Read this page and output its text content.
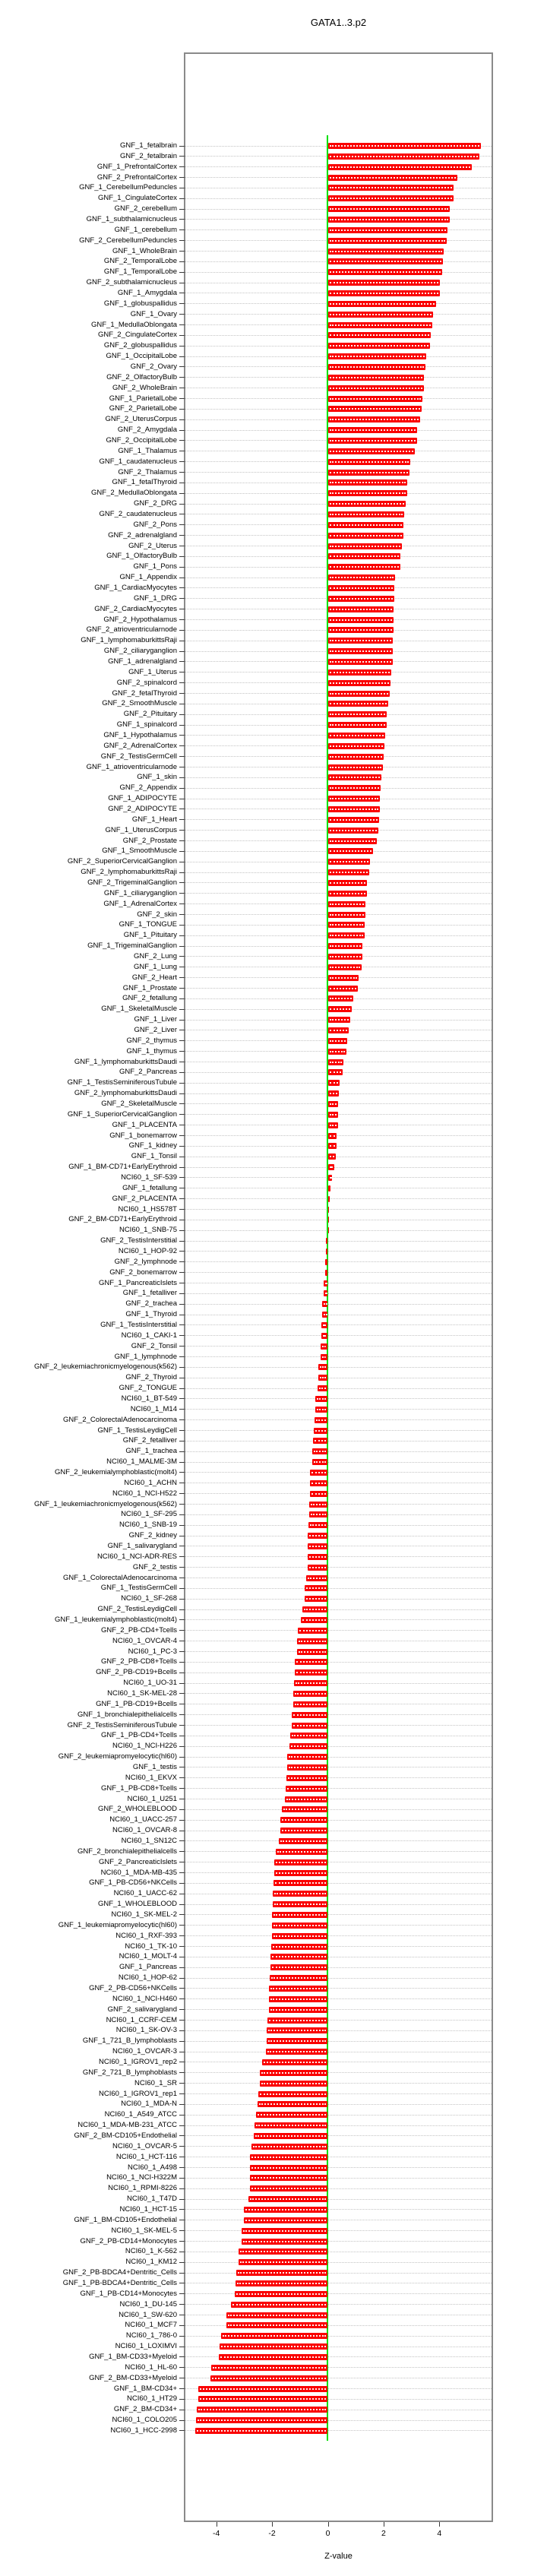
GATA1..3.p2
GNF_1_fetalbrain
GNF_2_fetalbrain
GNF_1_PrefrontalCortex
GNF_2_PrefrontalCortex
GNF_1_CerebellumPeduncles
GNF_1_CingulateCortex
GNF_2_cerebellum
GNF_1_subthalamicnucleus
GNF_1_cerebellum
GNF_2_CerebellumPeduncles
GNF_1_WholeBrain
GNF_2_TemporalLobe
GNF_1_TemporalLobe
GNF_2_subthalamicnucleus
GNF_1_Amygdala
GNF_1_globuspallidus
GNF_1_Ovary
GNF_1_MedullaOblongata
GNF_2_CingulateCortex
GNF_2_globuspallidus
GNF_1_OccipitalLobe
GNF_2_Ovary
GNF_2_OlfactoryBulb
GNF_2_WholeBrain
GNF_1_ParietalLobe
GNF_2_ParietalLobe
GNF_2_UterusCorpus
GNF_2_Amygdala
GNF_2_OccipitalLobe
GNF_1_Thalamus
GNF_1_caudatenucleus
GNF_2_Thalamus
GNF_1_fetalThyroid
GNF_2_MedullaOblongata
GNF_2_DRG
GNF_2_caudatenucleus
GNF_2_Pons
GNF_2_adrenalgland
GNF_2_Uterus
GNF_1_OlfactoryBulb
GNF_1_Pons
GNF_1_Appendix
GNF_1_CardiacMyocytes
GNF_1_DRG
GNF_2_CardiacMyocytes
GNF_2_Hypothalamus
GNF_2_atrioventricularnode
GNF_1_lymphomaburkittsRaji
GNF_2_ciliaryganglion
GNF_1_adrenalgland
GNF_1_Uterus
GNF_2_spinalcord
GNF_2_fetalThyroid
GNF_2_SmoothMuscle
GNF_2_Pituitary
GNF_1_spinalcord
GNF_1_Hypothalamus
GNF_2_AdrenalCortex
GNF_2_TestisGermCell
GNF_1_atrioventricularnode
GNF_1_skin
GNF_2_Appendix
GNF_1_ADIPOCYTE
GNF_2_ADIPOCYTE
GNF_1_Heart
GNF_1_UterusCorpus
GNF_2_Prostate
GNF_1_SmoothMuscle
GNF_2_SuperiorCervicalGanglion
GNF_2_lymphomaburkittsRaji
GNF_2_TrigeminalGanglion
GNF_1_ciliaryganglion
GNF_1_AdrenalCortex
GNF_2_skin
GNF_1_TONGUE
GNF_1_Pituitary
GNF_1_TrigeminalGanglion
GNF_2_Lung
GNF_1_Lung
GNF_2_Heart
GNF_1_Prostate
GNF_2_fetallung
GNF_1_SkeletalMuscle
GNF_1_Liver
GNF_2_Liver
GNF_2_thymus
GNF_1_thymus
GNF_1_lymphomaburkittsDaudi
GNF_2_Pancreas
GNF_1_TestisSeminiferousTubule
GNF_2_lymphomaburkittsDaudi
GNF_2_SkeletalMuscle
GNF_1_SuperiorCervicalGanglion
GNF_1_PLACENTA
GNF_1_bonemarrow
GNF_1_kidney
GNF_1_Tonsil
GNF_1_BM-CD71+EarlyErythroid
NCI60_1_SF-539
GNF_1_fetallung
GNF_2_PLACENTA
NCI60_1_HS578T
GNF_2_BM-CD71+EarlyErythroid
NCI60_1_SNB-75
GNF_2_TestisInterstitial
NCI60_1_HOP-92
GNF_2_lymphnode
GNF_2_bonemarrow
GNF_1_PancreaticIslets
GNF_1_fetalliver
GNF_2_trachea
GNF_1_Thyroid
GNF_1_TestisInterstitial
NCI60_1_CAKI-1
GNF_2_Tonsil
GNF_1_lymphnode
GNF_2_leukemiachronicmyelogenous(k562)
GNF_2_Thyroid
GNF_2_TONGUE
NCI60_1_BT-549
NCI60_1_M14
GNF_2_ColorectalAdenocarcinoma
GNF_1_TestisLeydigCell
GNF_2_fetalliver
GNF_1_trachea
NCI60_1_MALME-3M
GNF_2_leukemialymphoblastic(molt4)
NCI60_1_ACHN
NCI60_1_NCI-H522
GNF_1_leukemiachronicmyelogenous(k562)
NCI60_1_SF-295
NCI60_1_SNB-19
GNF_2_kidney
GNF_1_salivarygland
NCI60_1_NCI-ADR-RES
GNF_2_testis
GNF_1_ColorectalAdenocarcinoma
GNF_1_TestisGermCell
NCI60_1_SF-268
GNF_2_TestisLeydigCell
GNF_1_leukemialymphoblastic(molt4)
GNF_2_PB-CD4+Tcells
NCI60_1_OVCAR-4
NCI60_1_PC-3
GNF_2_PB-CD8+Tcells
GNF_2_PB-CD19+Bcells
NCI60_1_UO-31
NCI60_1_SK-MEL-28
GNF_1_PB-CD19+Bcells
GNF_1_bronchialepithelialcells
GNF_2_TestisSeminiferousTubule
GNF_1_PB-CD4+Tcells
NCI60_1_NCI-H226
GNF_2_leukemiapromyelocytic(hl60)
GNF_1_testis
NCI60_1_EKVX
GNF_1_PB-CD8+Tcells
NCI60_1_U251
GNF_2_WHOLEBLOOD
NCI60_1_UACC-257
NCI60_1_OVCAR-8
NCI60_1_SN12C
GNF_2_bronchialepithelialcells
GNF_2_PancreaticIslets
NCI60_1_MDA-MB-435
GNF_1_PB-CD56+NKCells
NCI60_1_UACC-62
GNF_1_WHOLEBLOOD
NCI60_1_SK-MEL-2
GNF_1_leukemiapromyelocytic(hl60)
NCI60_1_RXF-393
NCI60_1_TK-10
NCI60_1_MOLT-4
GNF_1_Pancreas
NCI60_1_HOP-62
GNF_2_PB-CD56+NKCells
NCI60_1_NCI-H460
GNF_2_salivarygland
NCI60_1_CCRF-CEM
NCI60_1_SK-OV-3
GNF_1_721_B_lymphoblasts
NCI60_1_OVCAR-3
NCI60_1_IGROV1_rep2
GNF_2_721_B_lymphoblasts
NCI60_1_SR
NCI60_1_IGROV1_rep1
NCI60_1_MDA-N
NCI60_1_A549_ATCC
NCI60_1_MDA-MB-231_ATCC
GNF_2_BM-CD105+Endothelial
NCI60_1_OVCAR-5
NCI60_1_HCT-116
NCI60_1_A498
NCI60_1_NCI-H322M
NCI60_1_RPMI-8226
NCI60_1_T47D
NCI60_1_HCT-15
GNF_1_BM-CD105+Endothelial
NCI60_1_SK-MEL-5
GNF_2_PB-CD14+Monocytes
NCI60_1_K-562
NCI60_1_KM12
GNF_2_PB-BDCA4+Dentritic_Cells
GNF_1_PB-BDCA4+Dentritic_Cells
GNF_1_PB-CD14+Monocytes
NCI60_1_DU-145
NCI60_1_SW-620
NCI60_1_MCF7
NCI60_1_786-0
NCI60_1_LOXIMVI
GNF_1_BM-CD33+Myeloid
NCI60_1_HL-60
GNF_2_BM-CD33+Myeloid
GNF_1_BM-CD34+
NCI60_1_HT29
GNF_2_BM-CD34+
NCI60_1_COLO205
NCI60_1_HCC-2998
-4	-2	0	2	4
Z-value
